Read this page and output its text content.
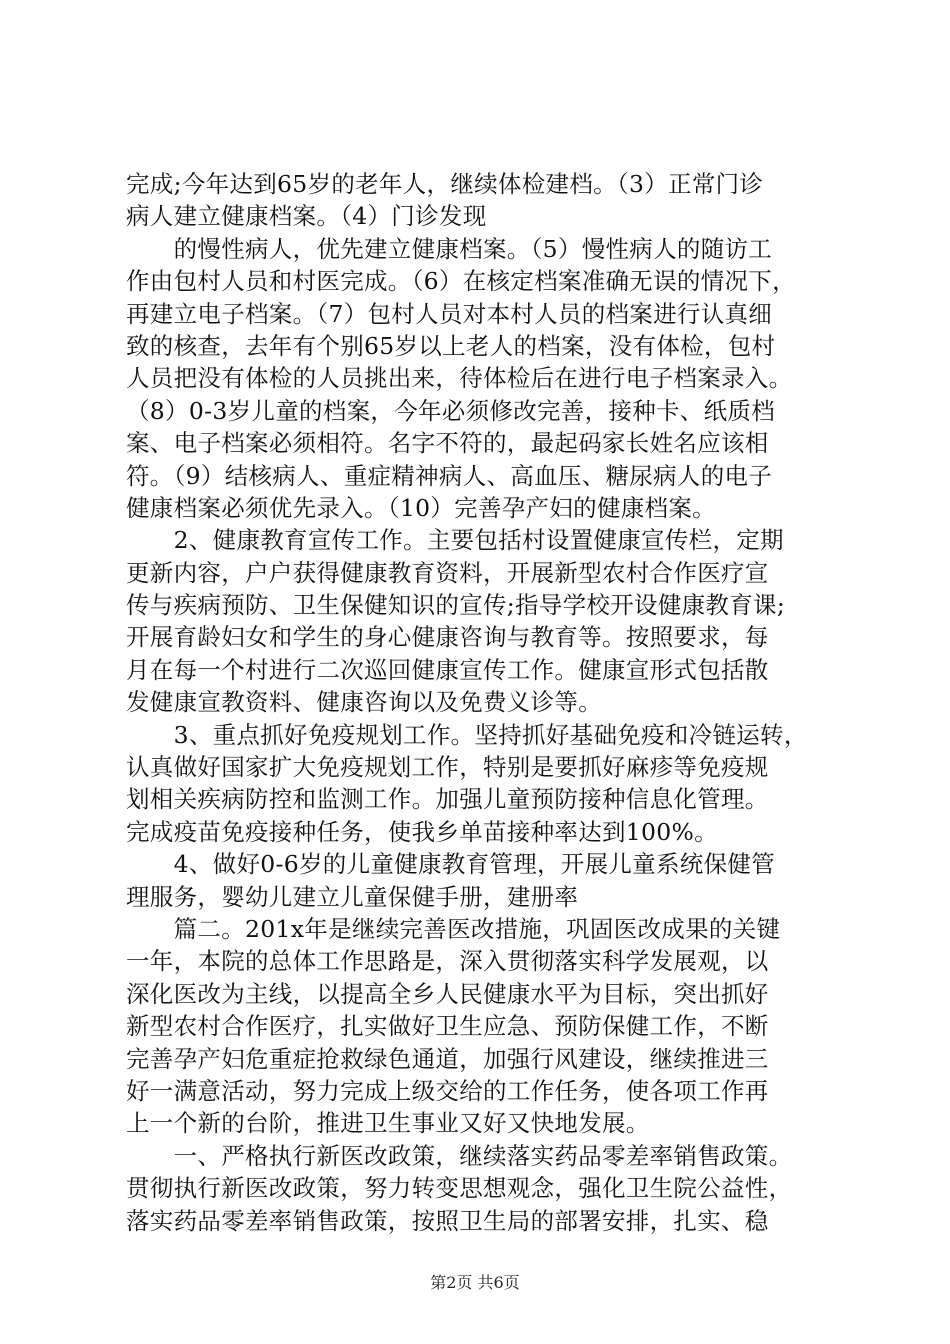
完成;今年达到65岁的老年人，继续体检建档。（3）正常门诊
病人建立健康档案。（4）门诊发现
　　的慢性病人，优先建立健康档案。（5）慢性病人的随访工
作由包村人员和村医完成。（6）在核定档案准确无误的情况下，
再建立电子档案。（7）包村人员对本村人员的档案进行认真细
致的核查，去年有个别65岁以上老人的档案，没有体检，包村
人员把没有体检的人员挑出来，待体检后在进行电子档案录入。
（8）0-3岁儿童的档案，今年必须修改完善，接种卡、纸质档
案、电子档案必须相符。名字不符的，最起码家长姓名应该相
符。（9）结核病人、重症精神病人、高血压、糖尿病人的电子
健康档案必须优先录入。（10）完善孕产妇的健康档案。
　　2、健康教育宣传工作。主要包括村设置健康宣传栏，定期
更新内容，户户获得健康教育资料，开展新型农村合作医疗宣
传与疾病预防、卫生保健知识的宣传;指导学校开设健康教育课;
开展育龄妇女和学生的身心健康咨询与教育等。按照要求，每
月在每一个村进行二次巡回健康宣传工作。健康宣形式包括散
发健康宣教资料、健康咨询以及免费义诊等。
　　3、重点抓好免疫规划工作。坚持抓好基础免疫和冷链运转，
认真做好国家扩大免疫规划工作，特别是要抓好麻疹等免疫规
划相关疾病防控和监测工作。加强儿童预防接种信息化管理。
完成疫苗免疫接种任务，使我乡单苗接种率达到100%。
　　4、做好0-6岁的儿童健康教育管理，开展儿童系统保健管
理服务，婴幼儿建立儿童保健手册，建册率
　　篇二。201x年是继续完善医改措施，巩固医改成果的关键
一年，本院的总体工作思路是，深入贯彻落实科学发展观，以
深化医改为主线，以提高全乡人民健康水平为目标，突出抓好
新型农村合作医疗，扎实做好卫生应急、预防保健工作，不断
完善孕产妇危重症抢救绿色通道，加强行风建设，继续推进三
好一满意活动，努力完成上级交给的工作任务，使各项工作再
上一个新的台阶，推进卫生事业又好又快地发展。
　　一、严格执行新医改政策，继续落实药品零差率销售政策。
贯彻执行新医改政策，努力转变思想观念，强化卫生院公益性，
落实药品零差率销售政策，按照卫生局的部署安排，扎实、稳
第2页 共6页
